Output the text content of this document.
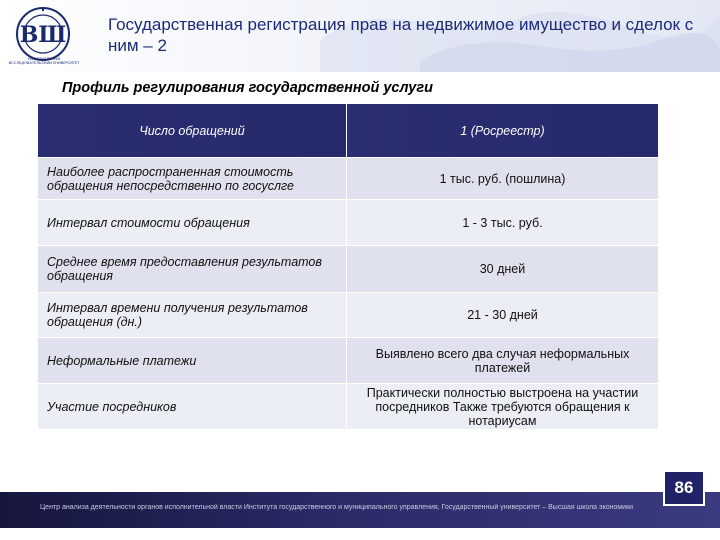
ВШ
НАЦИОНАЛЬНЫЙ ИССЛЕДОВАТЕЛЬСКИЙ УНИВЕРСИТЕТ
Государственная регистрация прав на недвижимое имущество и сделок с ним – 2
Профиль регулирования государственной услуги
Число обращений	1 (Росреестр)
Наиболее распространенная стоимость обращения непосредственно по госуслге	1 тыс. руб. (пошлина)
Интервал стоимости обращения	1 - 3 тыс. руб.
Среднее время предоставления результатов обращения	30 дней
Интервал времени получения результатов обращения (дн.)	21 - 30 дней
Неформальные платежи	Выявлено всего два случая неформальных платежей
Участие посредников	Практически полностью выстроена на участии посредников Также требуются обращения к нотариусам
Центр анализа деятельности органов исполнительной власти Института государственного и муниципального управления, Государственный университет – Высшая школа экономики
86
